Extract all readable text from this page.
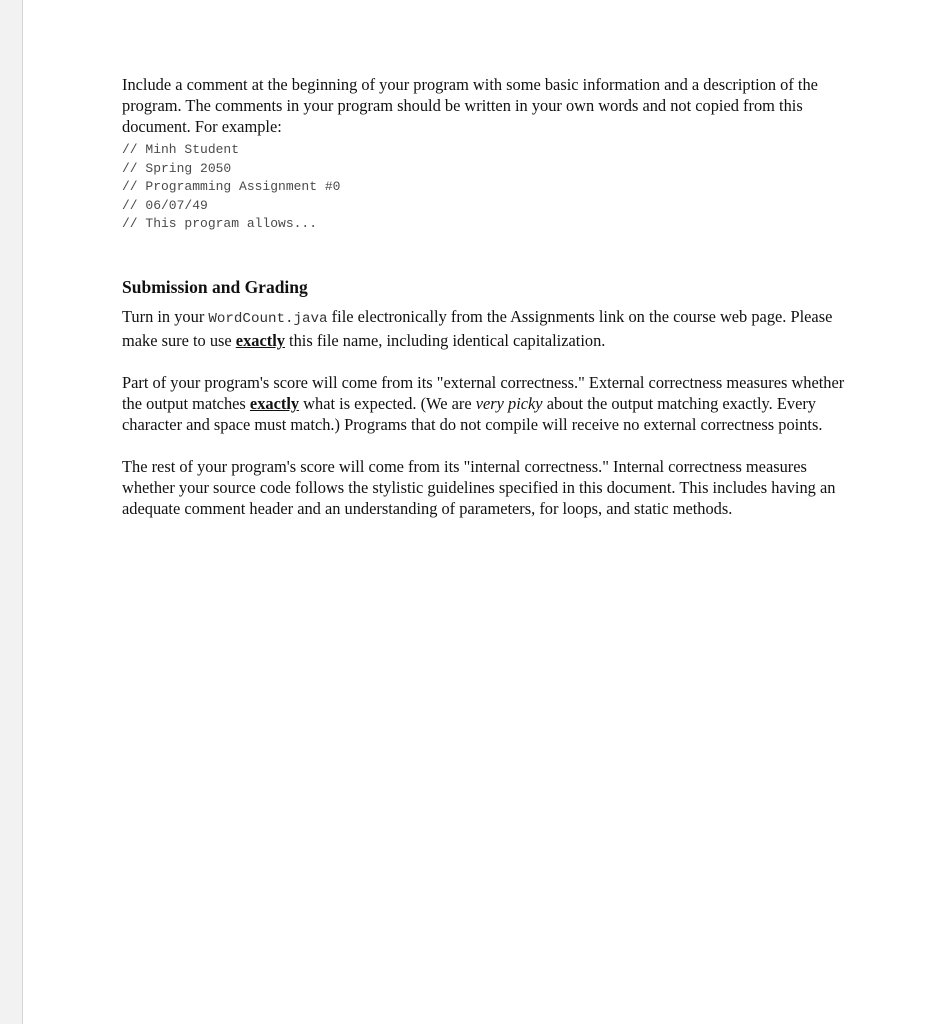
Include a comment at the beginning of your program with some basic information and a description of the program. The comments in your program should be written in your own words and not copied from this document. For example:

// Minh Student
// Spring 2050
// Programming Assignment #0
// 06/07/49
// This program allows...

Submission and Grading

Turn in your WordCount.java file electronically from the Assignments link on the course web page. Please make sure to use exactly this file name, including identical capitalization.

Part of your program's score will come from its "external correctness." External correctness measures whether the output matches exactly what is expected. (We are very picky about the output matching exactly. Every character and space must match.) Programs that do not compile will receive no external correctness points.

The rest of your program's score will come from its "internal correctness." Internal correctness measures whether your source code follows the stylistic guidelines specified in this document. This includes having an adequate comment header and an understanding of parameters, for loops, and static methods.
